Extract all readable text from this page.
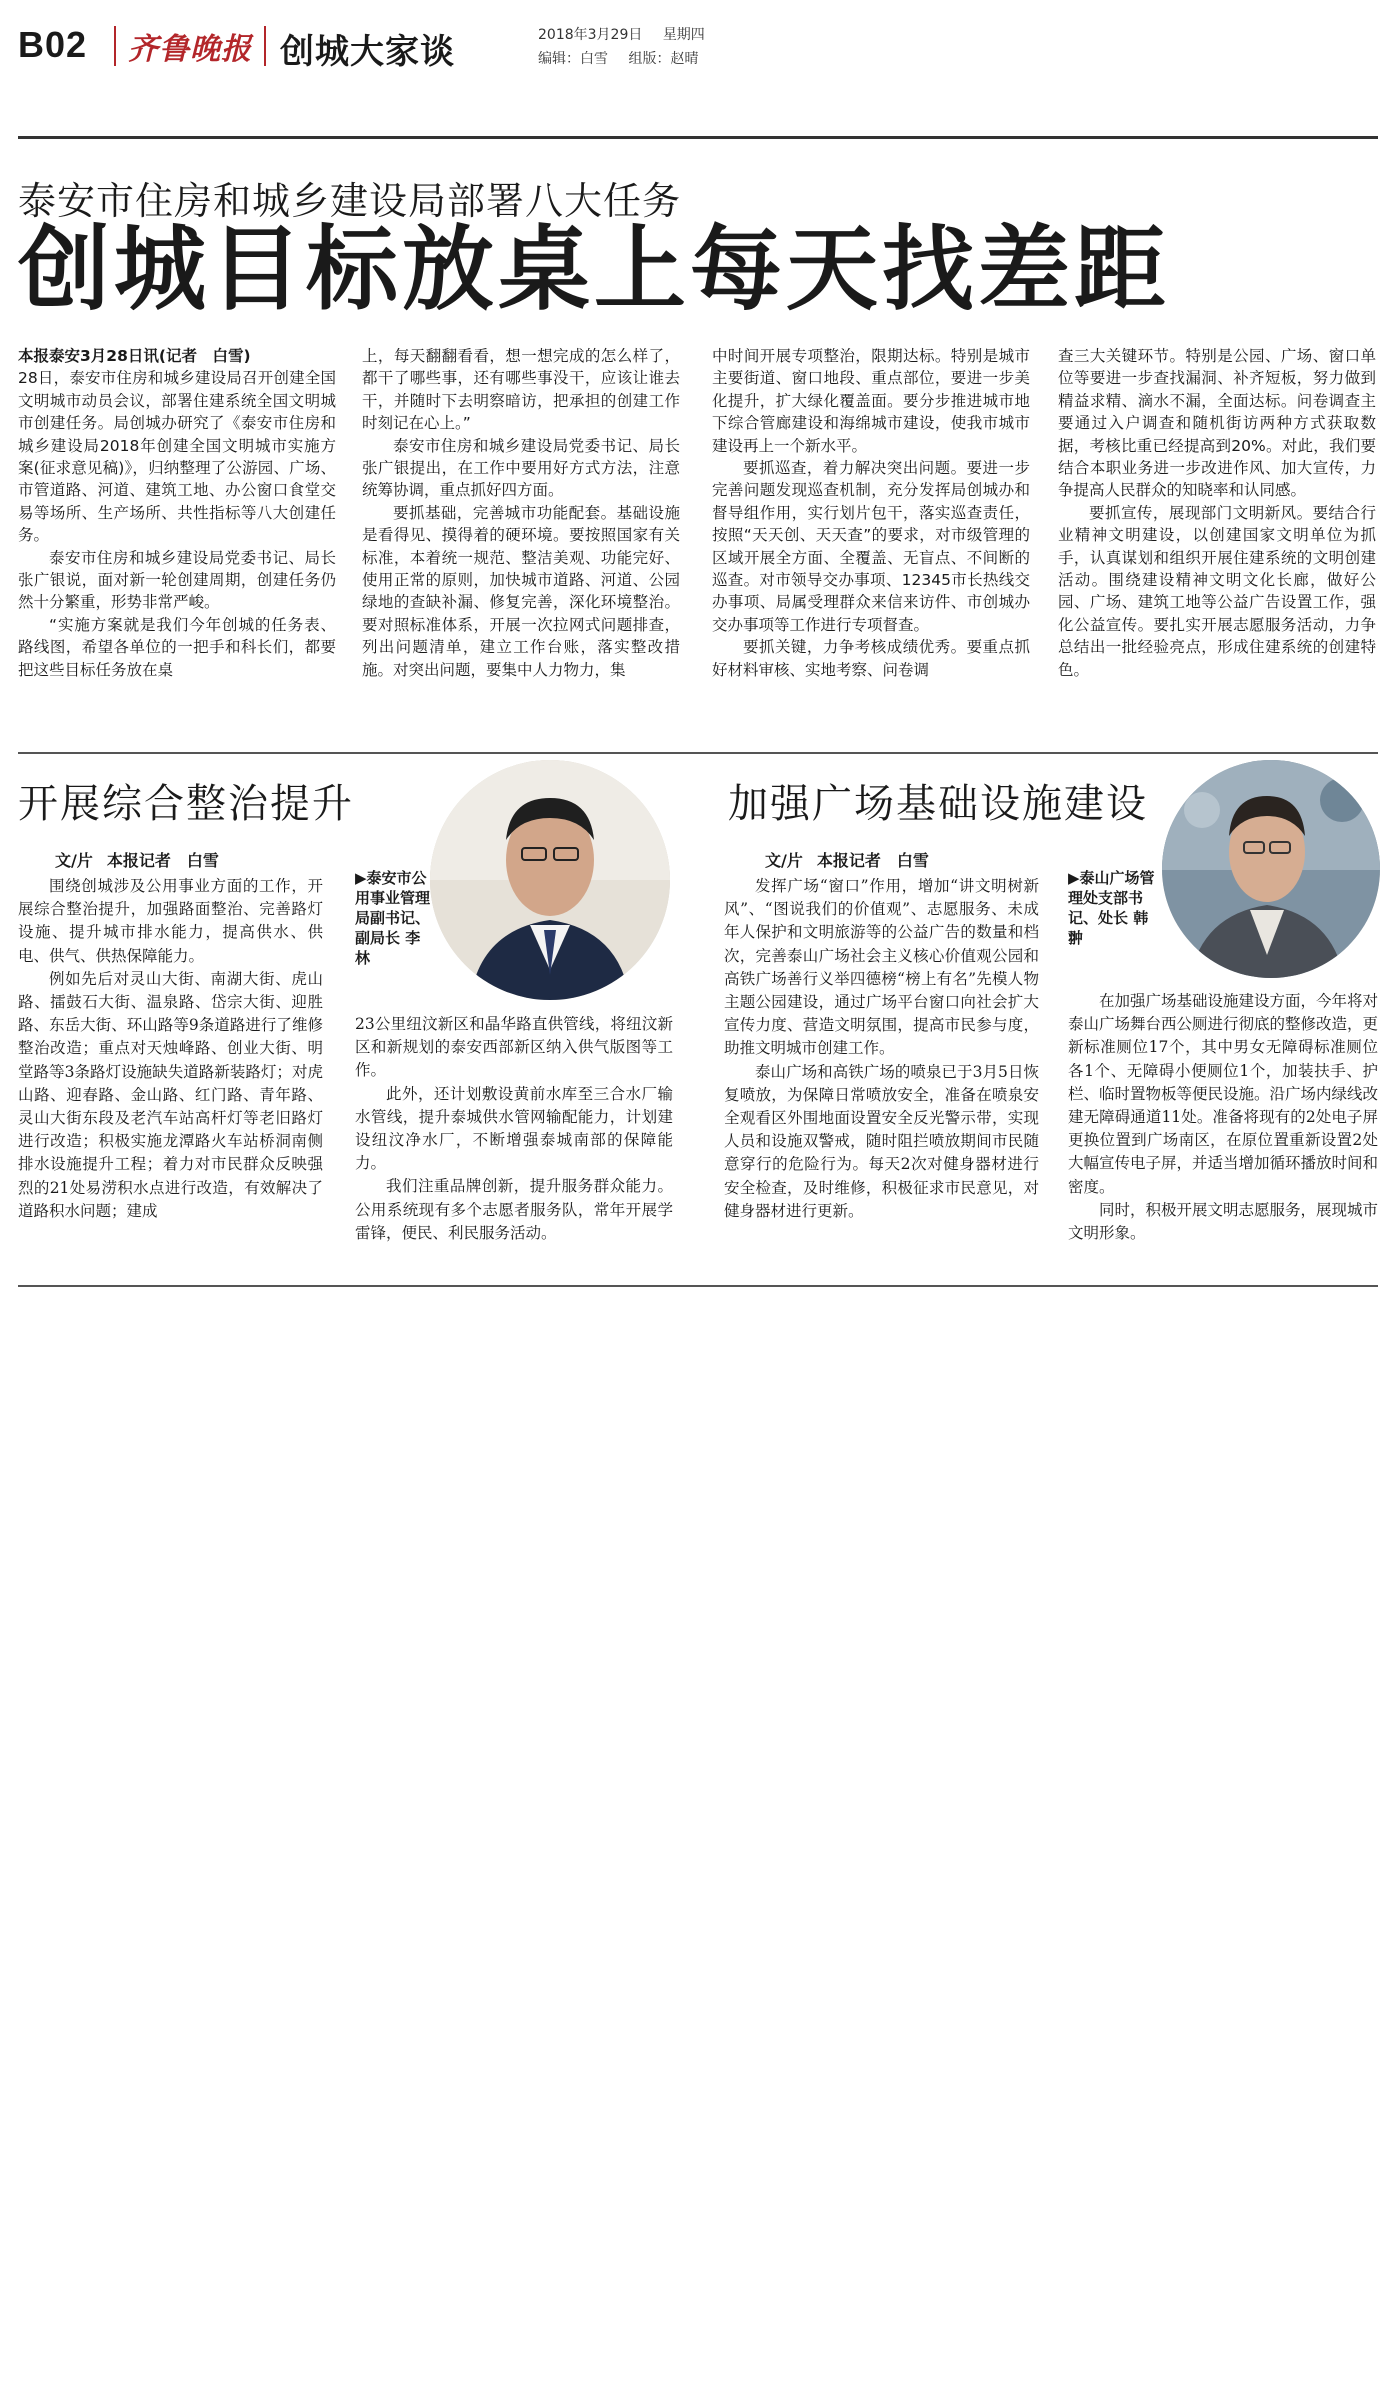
B02 齐鲁晚报 创城大家谈	2018年3月29日 星期四
编辑：白雪 组版：赵晴
泰安市住房和城乡建设局部署八大任务
创城目标放桌上每天找差距

本报泰安3月28日讯(记者　白雪)

28日，泰安市住房和城乡建设局召开创建全国文明城市动员会议，部署住建系统全国文明城市创建任务。局创城办研究了《泰安市住房和城乡建设局2018年创建全国文明城市实施方案(征求意见稿)》，归纳整理了公游园、广场、市管道路、河道、建筑工地、办公窗口食堂交易等场所、生产场所、共性指标等八大创建任务。

泰安市住房和城乡建设局党委书记、局长张广银说，面对新一轮创建周期，创建任务仍然十分繁重，形势非常严峻。

“实施方案就是我们今年创城的任务表、路线图，希望各单位的一把手和科长们，都要把这些目标任务放在桌

上，每天翻翻看看，想一想完成的怎么样了，都干了哪些事，还有哪些事没干，应该让谁去干，并随时下去明察暗访，把承担的创建工作时刻记在心上。”

泰安市住房和城乡建设局党委书记、局长张广银提出，在工作中要用好方式方法，注意统筹协调，重点抓好四方面。

要抓基础，完善城市功能配套。基础设施是看得见、摸得着的硬环境。要按照国家有关标准，本着统一规范、整洁美观、功能完好、使用正常的原则，加快城市道路、河道、公园绿地的查缺补漏、修复完善，深化环境整治。要对照标准体系，开展一次拉网式问题排查，列出问题清单，建立工作台账，落实整改措施。对突出问题，要集中人力物力，集

中时间开展专项整治，限期达标。特别是城市主要街道、窗口地段、重点部位，要进一步美化提升，扩大绿化覆盖面。要分步推进城市地下综合管廊建设和海绵城市建设，使我市城市建设再上一个新水平。

要抓巡查，着力解决突出问题。要进一步完善问题发现巡查机制，充分发挥局创城办和督导组作用，实行划片包干，落实巡查责任，按照“天天创、天天查”的要求，对市级管理的区域开展全方面、全覆盖、无盲点、不间断的巡查。对市领导交办事项、12345市长热线交办事项、局属受理群众来信来访件、市创城办交办事项等工作进行专项督查。

要抓关键，力争考核成绩优秀。要重点抓好材料审核、实地考察、问卷调

查三大关键环节。特别是公园、广场、窗口单位等要进一步查找漏洞、补齐短板，努力做到精益求精、滴水不漏，全面达标。问卷调查主要通过入户调查和随机街访两种方式获取数据，考核比重已经提高到20%。对此，我们要结合本职业务进一步改进作风、加大宣传，力争提高人民群众的知晓率和认同感。

要抓宣传，展现部门文明新风。要结合行业精神文明建设，以创建国家文明单位为抓手，认真谋划和组织开展住建系统的文明创建活动。围绕建设精神文明文化长廊，做好公园、广场、建筑工地等公益广告设置工作，强化公益宣传。要扎实开展志愿服务活动，力争总结出一批经验亮点，形成住建系统的创建特色。

开展综合整治提升
文/片 本报记者　白雪

围绕创城涉及公用事业方面的工作，开展综合整治提升，加强路面整治、完善路灯设施、提升城市排水能力，提高供水、供电、供气、供热保障能力。

例如先后对灵山大街、南湖大街、虎山路、擂鼓石大街、温泉路、岱宗大街、迎胜路、东岳大街、环山路等9条道路进行了维修整治改造；重点对天烛峰路、创业大街、明堂路等3条路灯设施缺失道路新装路灯；对虎山路、迎春路、金山路、红门路、青年路、灵山大街东段及老汽车站高杆灯等老旧路灯进行改造；积极实施龙潭路火车站桥洞南侧排水设施提升工程；着力对市民群众反映强烈的21处易涝积水点进行改造，有效解决了道路积水问题；建成

▶泰安市公用事业管理局副书记、副局长 李林

23公里纽汶新区和晶华路直供管线，将纽汶新区和新规划的泰安西部新区纳入供气版图等工作。

此外，还计划敷设黄前水库至三合水厂输水管线，提升泰城供水管网输配能力，计划建设纽汶净水厂，不断增强泰城南部的保障能力。

我们注重品牌创新，提升服务群众能力。公用系统现有多个志愿者服务队，常年开展学雷锋，便民、利民服务活动。

加强广场基础设施建设
文/片 本报记者　白雪

发挥广场“窗口”作用，增加“讲文明树新风”、“图说我们的价值观”、志愿服务、未成年人保护和文明旅游等的公益广告的数量和档次，完善泰山广场社会主义核心价值观公园和高铁广场善行义举四德榜“榜上有名”先模人物主题公园建设，通过广场平台窗口向社会扩大宣传力度、营造文明氛围，提高市民参与度，助推文明城市创建工作。

泰山广场和高铁广场的喷泉已于3月5日恢复喷放，为保障日常喷放安全，准备在喷泉安全观看区外围地面设置安全反光警示带，实现人员和设施双警戒，随时阻拦喷放期间市民随意穿行的危险行为。每天2次对健身器材进行安全检查，及时维修，积极征求市民意见，对健身器材进行更新。

▶泰山广场管理处支部书记、处长 韩翀

在加强广场基础设施建设方面，今年将对泰山广场舞台西公厕进行彻底的整修改造，更新标准厕位17个，其中男女无障碍标准厕位各1个、无障碍小便厕位1个，加装扶手、护栏、临时置物板等便民设施。沿广场内绿线改建无障碍通道11处。准备将现有的2处电子屏更换位置到广场南区，在原位置重新设置2处大幅宣传电子屏，并适当增加循环播放时间和密度。

同时，积极开展文明志愿服务，展现城市文明形象。
